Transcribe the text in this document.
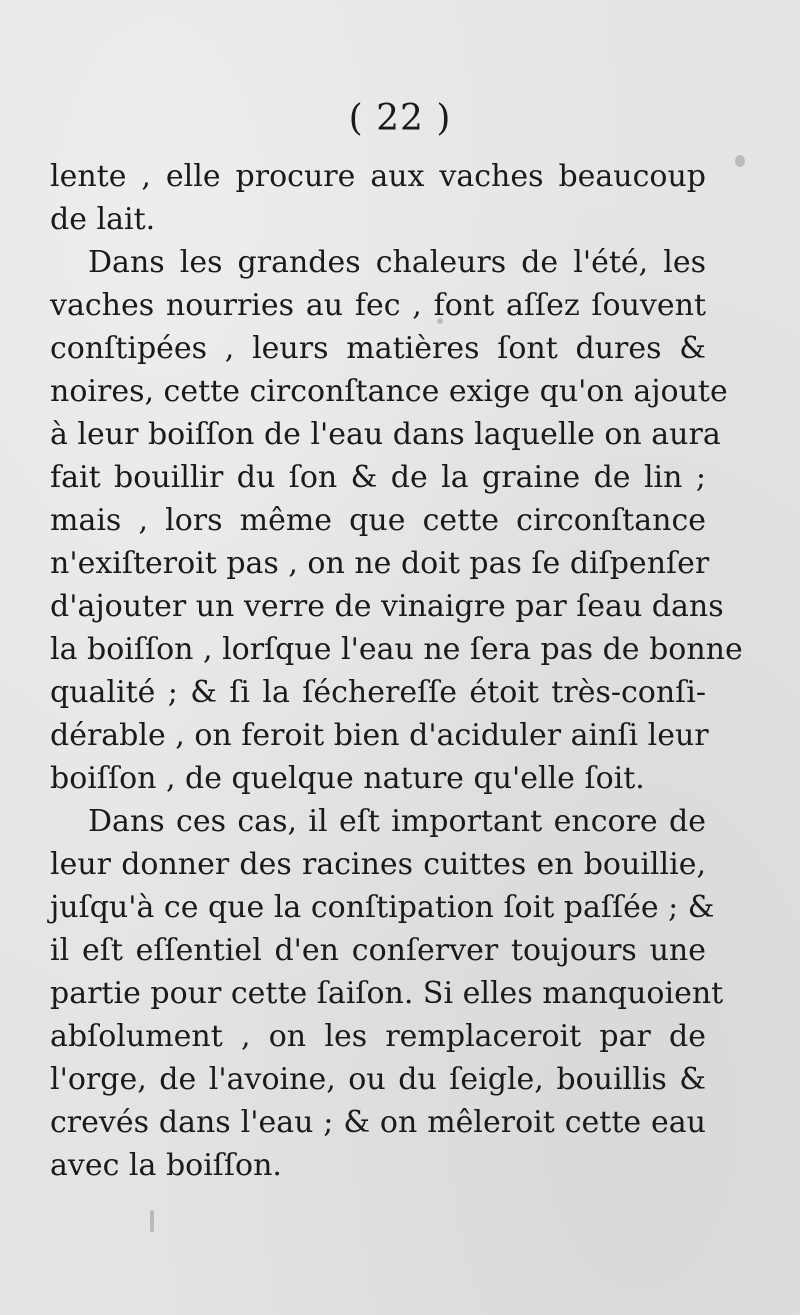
( 22 )
lente , elle procure aux vaches beaucoup
de lait.
Dans les grandes chaleurs de l'été, les
vaches nourries au fec , font aſſez ſouvent
conſtipées , leurs matières ſont dures &
noires, cette circonſtance exige qu'on ajoute
à leur boiſſon de l'eau dans laquelle on aura
fait bouillir du ſon & de la graine de lin ;
mais , lors même que cette circonſtance
n'exiſteroit pas , on ne doit pas ſe diſpenſer
d'ajouter un verre de vinaigre par ſeau dans
la boiſſon , lorſque l'eau ne ſera pas de bonne
qualité ; & ſi la ſécherеſſe étoit très-conſi-
dérable , on feroit bien d'aciduler ainſi leur
boiſſon , de quelque nature qu'elle ſoit.
Dans ces cas, il eſt important encore de
leur donner des racines cuittes en bouillie,
juſqu'à ce que la conſtipation ſoit paſſée ; &
il eſt eſſentiel d'en conſerver toujours une
partie pour cette ſaiſon. Si elles manquoient
abſolument , on les remplaceroit par de
l'orge, de l'avoine, ou du ſeigle, bouillis &
crevés dans l'eau ; & on mêleroit cette eau
avec la boiſſon.
